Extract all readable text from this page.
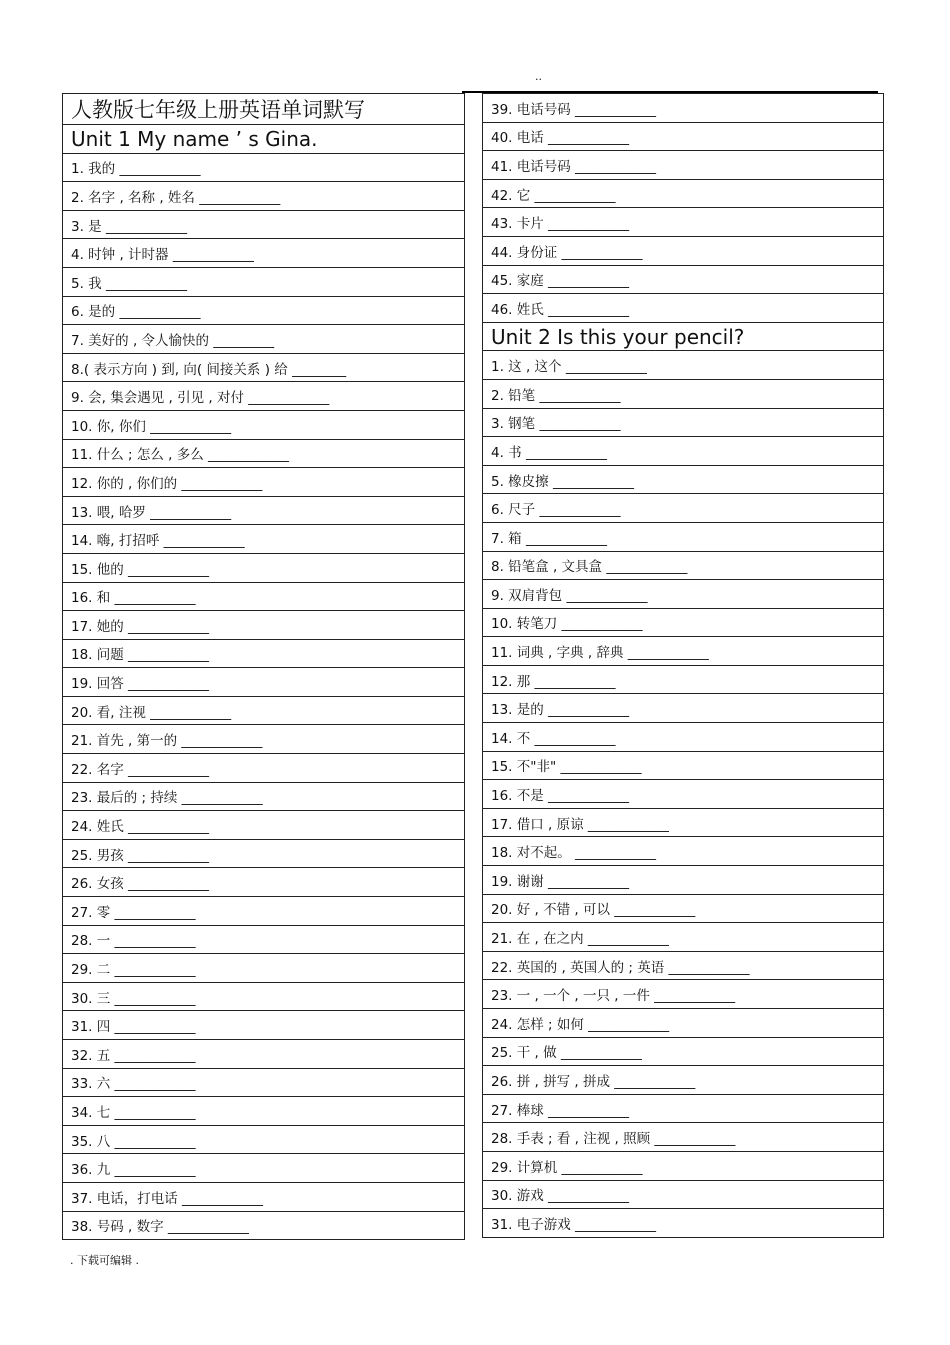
..
人教版七年级上册英语单词默写
Unit 1 My name ’ s Gina.
1. 我的 ____________
2. 名字 , 名称 , 姓名 ____________
3. 是 ____________
4. 时钟 , 计时器 ____________
5. 我 ____________
6. 是的 ____________
7. 美好的 , 令人愉快的 _________
8.( 表示方向 ) 到, 向( 间接关系 ) 给 ________
9. 会, 集会遇见 , 引见 , 对付 ____________
10. 你, 你们 ____________
11. 什么 ; 怎么 , 多么 ____________
12. 你的 , 你们的 ____________
13. 喂, 哈罗 ____________
14. 嗨, 打招呼 ____________
15. 他的 ____________
16. 和 ____________
17. 她的 ____________
18. 问题 ____________
19. 回答 ____________
20. 看, 注视 ____________
21. 首先 , 第一的 ____________
22. 名字 ____________
23. 最后的 ; 持续 ____________
24. 姓氏 ____________
25. 男孩 ____________
26. 女孩 ____________
27. 零 ____________
28. 一 ____________
29. 二 ____________
30. 三 ____________
31. 四 ____________
32. 五 ____________
33. 六 ____________
34. 七 ____________
35. 八 ____________
36. 九 ____________
37. 电话，打电话 ____________
38. 号码 , 数字 ____________
39. 电话号码 ____________
40. 电话 ____________
41. 电话号码 ____________
42. 它 ____________
43. 卡片 ____________
44. 身份证 ____________
45. 家庭 ____________
46. 姓氏 ____________
Unit 2 Is this your pencil?
1. 这 , 这个 ____________
2. 铅笔 ____________
3. 钢笔 ____________
4. 书 ____________
5. 橡皮擦 ____________
6. 尺子 ____________
7. 箱 ____________
8. 铅笔盒 , 文具盒 ____________
9. 双肩背包 ____________
10. 转笔刀 ____________
11. 词典 , 字典 , 辞典 ____________
12. 那 ____________
13. 是的 ____________
14. 不 ____________
15. 不"非" ____________
16. 不是 ____________
17. 借口 , 原谅 ____________
18. 对不起。 ____________
19. 谢谢 ____________
20. 好 , 不错 , 可以 ____________
21. 在 , 在之内 ____________
22. 英国的 , 英国人的 ; 英语 ____________
23. 一 , 一个 , 一只 , 一件 ____________
24. 怎样 ; 如何 ____________
25. 干 , 做 ____________
26. 拼 , 拼写 , 拼成 ____________
27. 棒球 ____________
28. 手表 ; 看 , 注视 , 照顾 ____________
29. 计算机 ____________
30. 游戏 ____________
31. 电子游戏 ____________
. 下载可编辑 .
